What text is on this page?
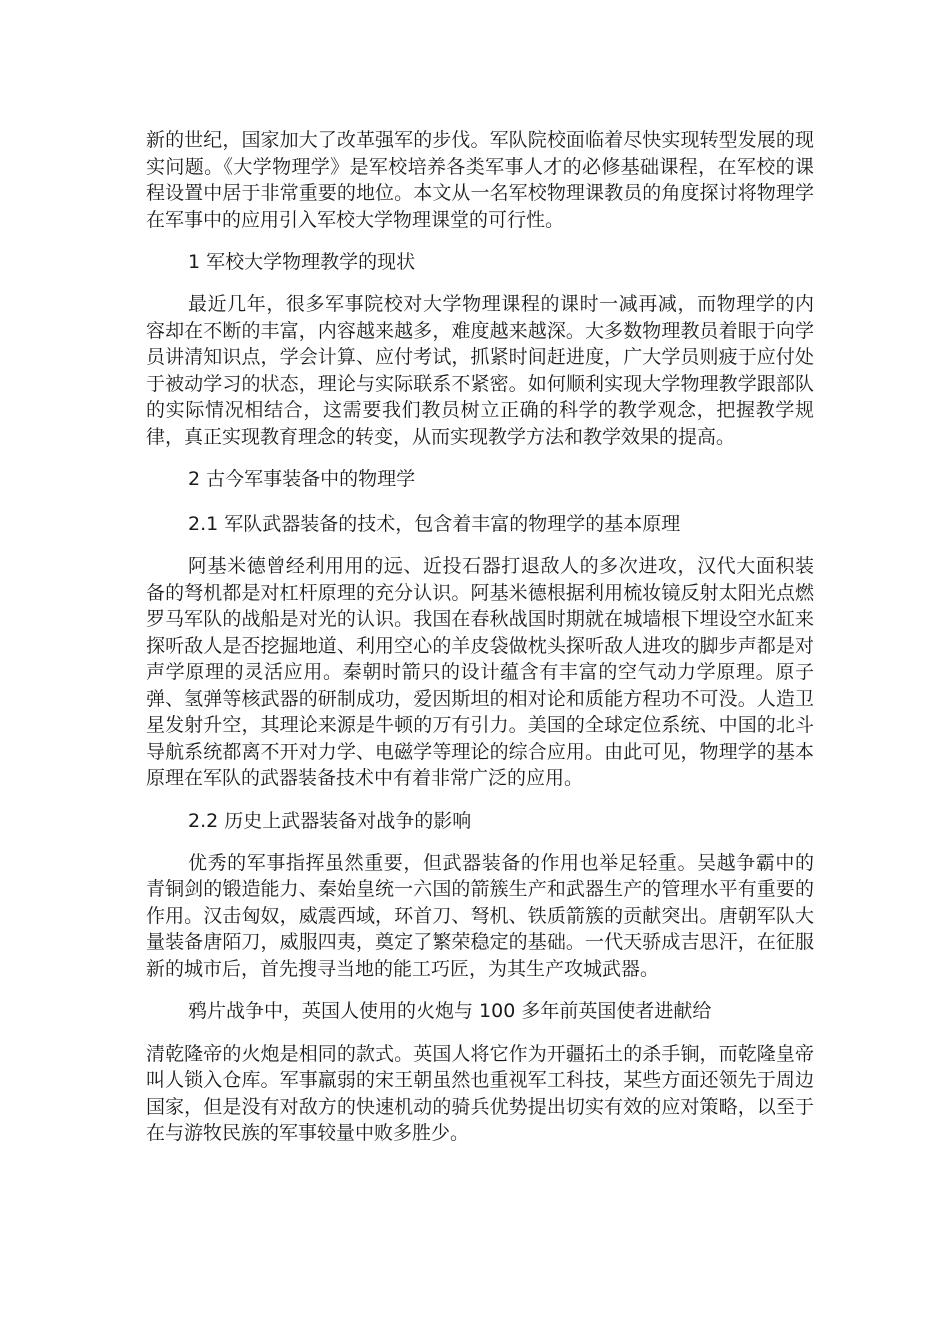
新的世纪，国家加大了改革强军的步伐。军队院校面临着尽快实现转型发展的现实问题。《大学物理学》是军校培养各类军事人才的必修基础课程，在军校的课程设置中居于非常重要的地位。本文从一名军校物理课教员的角度探讨将物理学在军事中的应用引入军校大学物理课堂的可行性。

1 军校大学物理教学的现状

最近几年，很多军事院校对大学物理课程的课时一减再减，而物理学的内容却在不断的丰富，内容越来越多，难度越来越深。大多数物理教员着眼于向学员讲清知识点，学会计算、应付考试，抓紧时间赶进度，广大学员则疲于应付处于被动学习的状态，理论与实际联系不紧密。如何顺利实现大学物理教学跟部队的实际情况相结合，这需要我们教员树立正确的科学的教学观念，把握教学规律，真正实现教育理念的转变，从而实现教学方法和教学效果的提高。

2 古今军事装备中的物理学

2.1 军队武器装备的技术，包含着丰富的物理学的基本原理

阿基米德曾经利用用的远、近投石器打退敌人的多次进攻，汉代大面积装备的弩机都是对杠杆原理的充分认识。阿基米德根据利用梳妆镜反射太阳光点燃罗马军队的战船是对光的认识。我国在春秋战国时期就在城墙根下埋设空水缸来探听敌人是否挖掘地道、利用空心的羊皮袋做枕头探听敌人进攻的脚步声都是对声学原理的灵活应用。秦朝时箭只的设计蕴含有丰富的空气动力学原理。原子弹、氢弹等核武器的研制成功，爱因斯坦的相对论和质能方程功不可没。人造卫星发射升空，其理论来源是牛顿的万有引力。美国的全球定位系统、中国的北斗导航系统都离不开对力学、电磁学等理论的综合应用。由此可见，物理学的基本原理在军队的武器装备技术中有着非常广泛的应用。

2.2 历史上武器装备对战争的影响

优秀的军事指挥虽然重要，但武器装备的作用也举足轻重。吴越争霸中的青铜剑的锻造能力、秦始皇统一六国的箭簇生产和武器生产的管理水平有重要的作用。汉击匈奴，威震西域，环首刀、弩机、铁质箭簇的贡献突出。唐朝军队大量装备唐陌刀，威服四夷，奠定了繁荣稳定的基础。一代天骄成吉思汗，在征服新的城市后，首先搜寻当地的能工巧匠，为其生产攻城武器。

鸦片战争中，英国人使用的火炮与 100 多年前英国使者进献给

清乾隆帝的火炮是相同的款式。英国人将它作为开疆拓土的杀手锏，而乾隆皇帝叫人锁入仓库。军事羸弱的宋王朝虽然也重视军工科技，某些方面还领先于周边国家，但是没有对敌方的快速机动的骑兵优势提出切实有效的应对策略，以至于在与游牧民族的军事较量中败多胜少。
